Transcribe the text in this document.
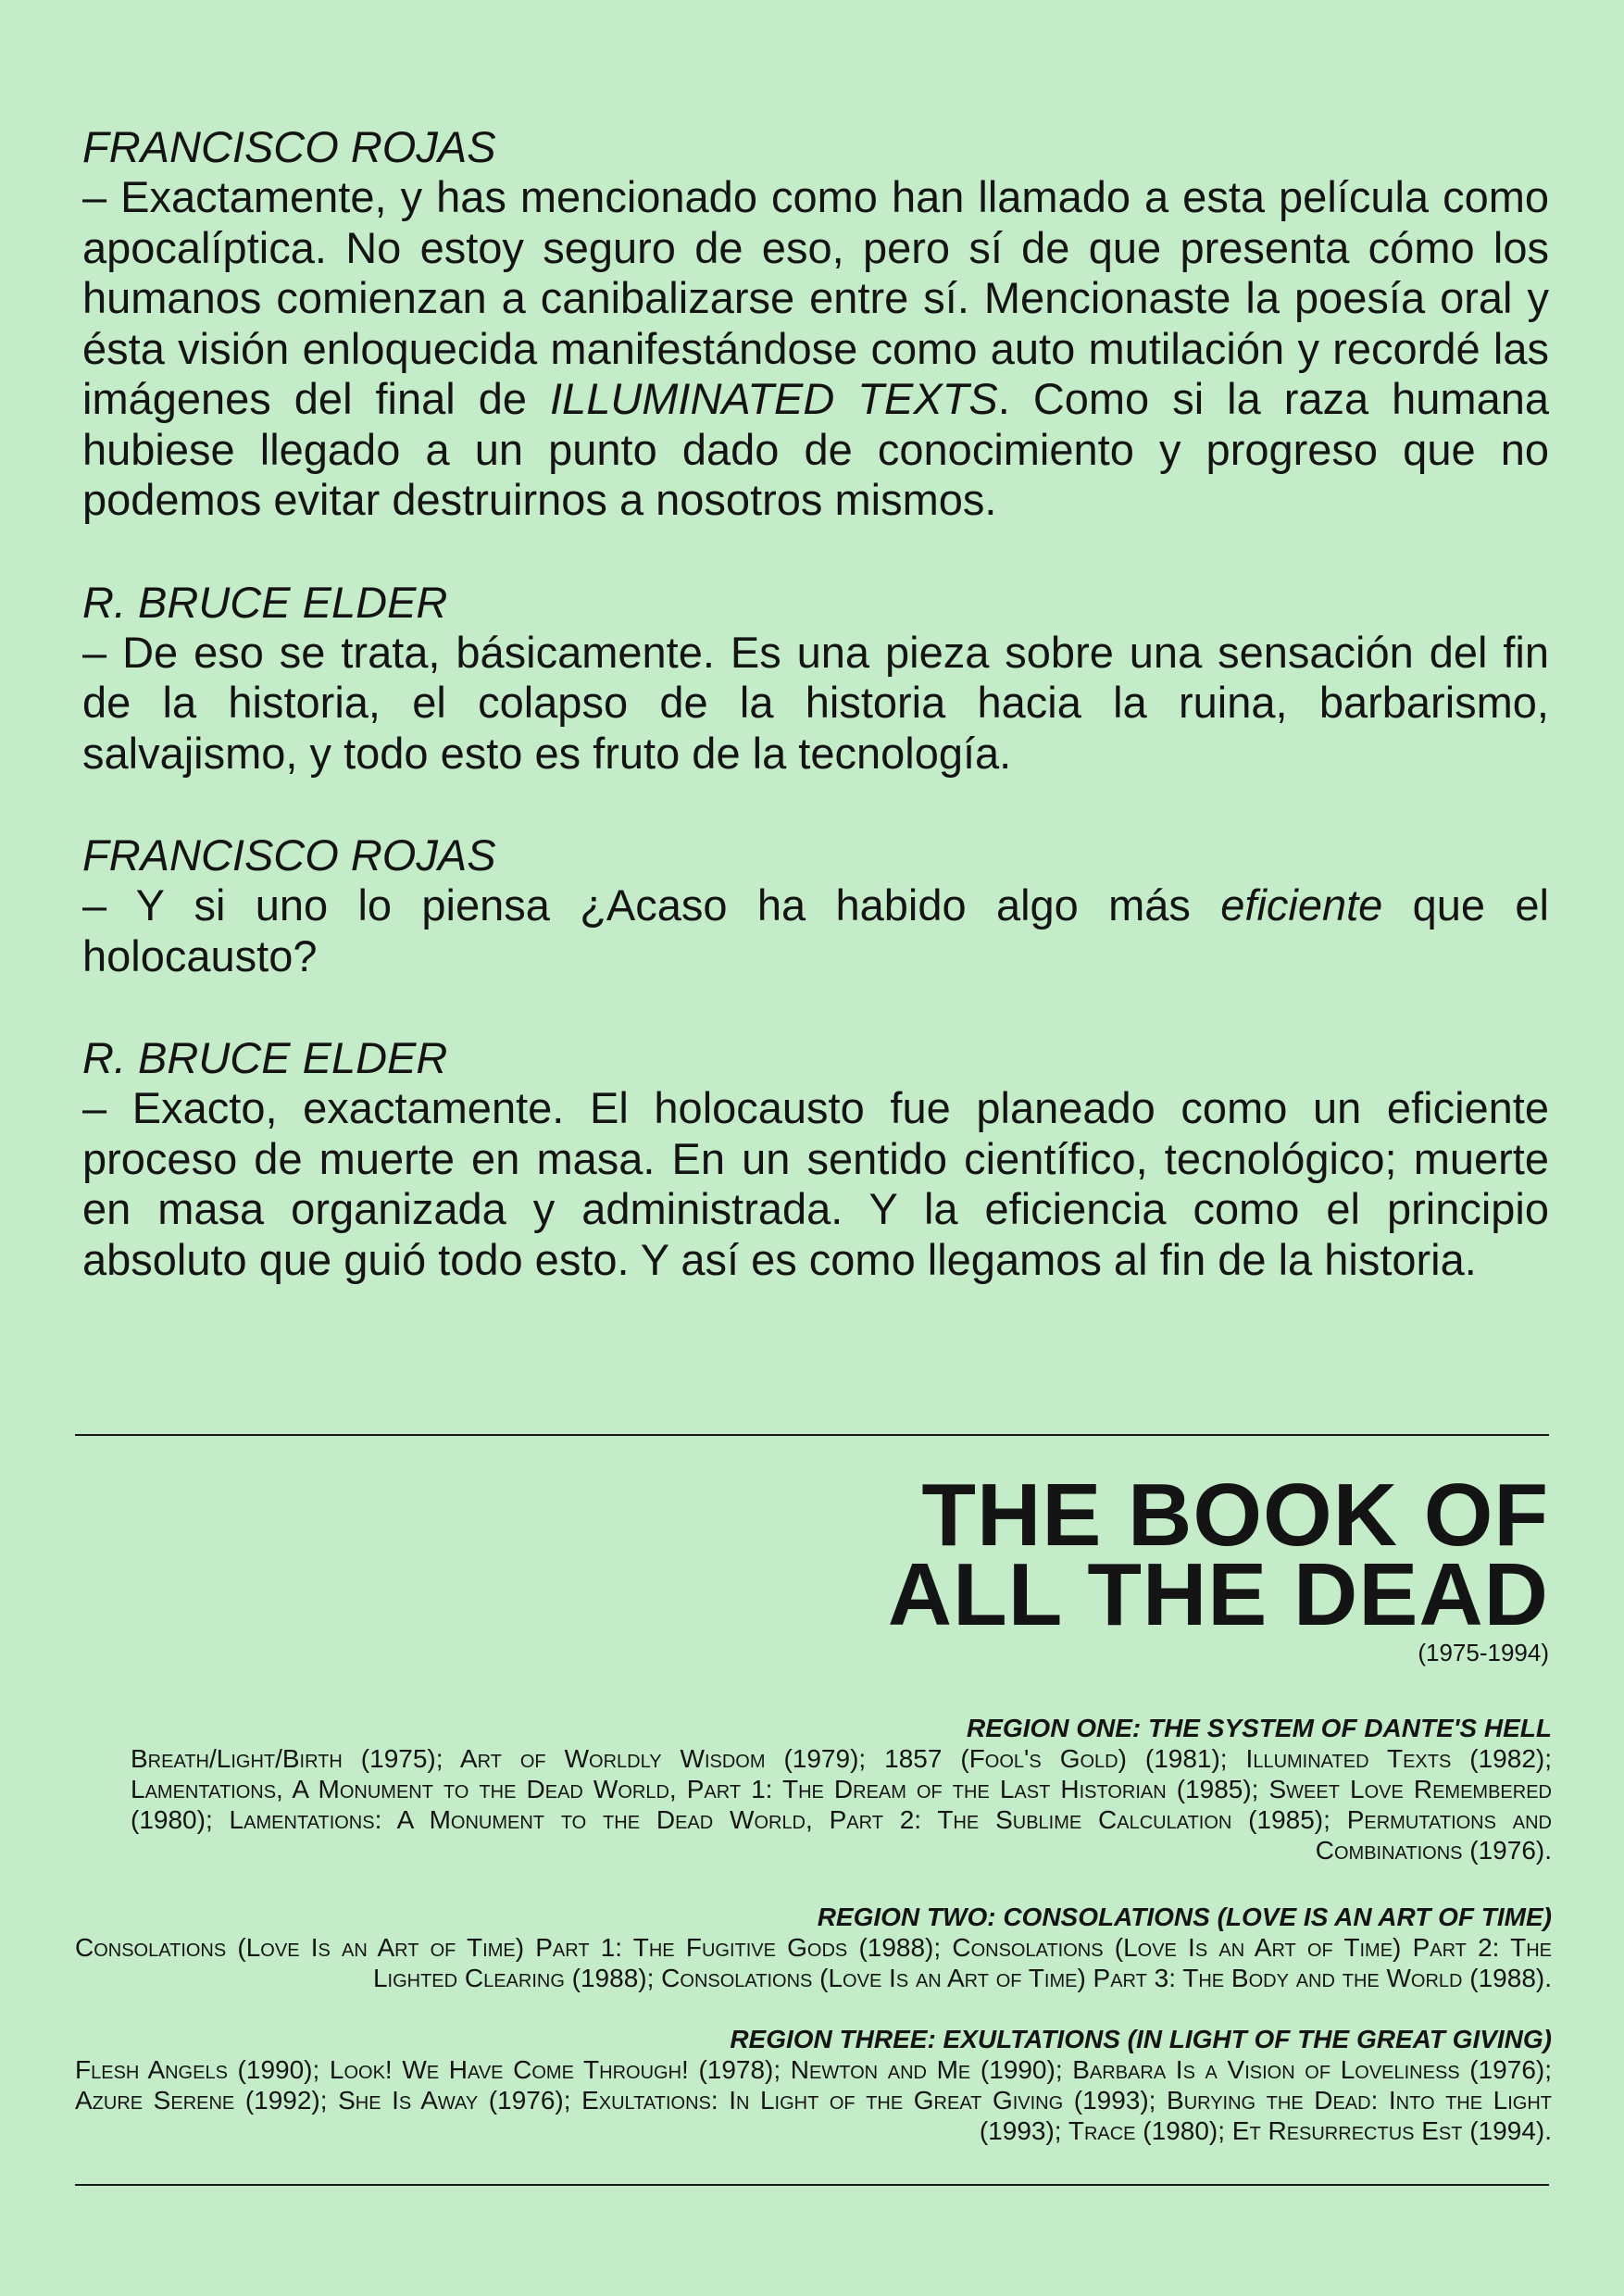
FRANCISCO ROJAS
– Exactamente, y has mencionado como han llamado a esta película como apocalíptica. No estoy seguro de eso, pero sí de que presenta cómo los humanos comienzan a canibalizarse entre sí. Mencionaste la poesía oral y ésta visión enloquecida manifestándose como auto mutilación y recordé las imágenes del final de ILLUMINATED TEXTS. Como si la raza humana hubiese llegado a un punto dado de conocimiento y progreso que no podemos evitar destruirnos a nosotros mismos.
R. BRUCE ELDER
– De eso se trata, básicamente. Es una pieza sobre una sensación del fin de la historia, el colapso de la historia hacia la ruina, barbarismo, salvajismo, y todo esto es fruto de la tecnología.
FRANCISCO ROJAS
– Y si uno lo piensa ¿Acaso ha habido algo más eficiente que el holocausto?
R. BRUCE ELDER
– Exacto, exactamente. El holocausto fue planeado como un eficiente proceso de muerte en masa. En un sentido científico, tecnológico; muerte en masa organizada y administrada. Y la eficiencia como el principio absoluto que guió todo esto. Y así es como llegamos al fin de la historia.
THE BOOK OF
ALL THE DEAD
(1975-1994)
REGION ONE: THE SYSTEM OF DANTE'S HELL
Breath/Light/Birth (1975); Art of Worldly Wisdom (1979); 1857 (Fool's Gold) (1981); Illuminated Texts (1982); Lamentations, A Monument to the Dead World, Part 1: The Dream of the Last Historian (1985); Sweet Love Remembered (1980); Lamentations: A Monument to the Dead World, Part 2: The Sublime Calculation (1985); Permutations and Combinations (1976).
REGION TWO: CONSOLATIONS (LOVE IS AN ART OF TIME)
Consolations (Love Is an Art of Time) Part 1: The Fugitive Gods (1988); Consolations (Love Is an Art of Time) Part 2: The Lighted Clearing (1988); Consolations (Love Is an Art of Time) Part 3: The Body and the World (1988).
REGION THREE: EXULTATIONS (IN LIGHT OF THE GREAT GIVING)
Flesh Angels (1990); Look! We Have Come Through! (1978); Newton and Me (1990); Barbara Is a Vision of Loveliness (1976); Azure Serene (1992); She Is Away (1976); Exultations: In Light of the Great Giving (1993); Burying the Dead: Into the Light (1993); Trace (1980); Et Resurrectus Est (1994).
